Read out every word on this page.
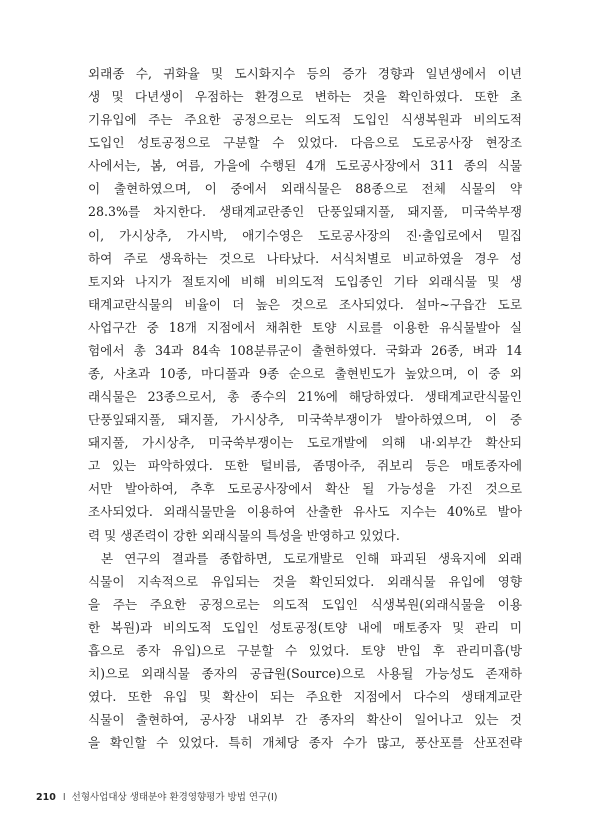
외래종 수, 귀화율 및 도시화지수 등의 증가 경향과 일년생에서 이년
생 및 다년생이 우점하는 환경으로 변하는 것을 확인하였다. 또한 초
기유입에 주는 주요한 공정으로는 의도적 도입인 식생복원과 비의도적
도입인 성토공정으로 구분할 수 있었다. 다음으로 도로공사장 현장조
사에서는, 봄, 여름, 가을에 수행된 4개 도로공사장에서 311 종의 식물
이 출현하였으며, 이 중에서 외래식물은 88종으로 전체 식물의 약
28.3%를 차지한다. 생태계교란종인 단풍잎돼지풀, 돼지풀, 미국쑥부쟁
이, 가시상추, 가시박, 애기수영은 도로공사장의 진·출입로에서 밀집
하여 주로 생육하는 것으로 나타났다. 서식처별로 비교하였을 경우 성
토지와 나지가 절토지에 비해 비의도적 도입종인 기타 외래식물 및 생
태계교란식물의 비율이 더 높은 것으로 조사되었다. 설마~구읍간 도로
사업구간 중 18개 지점에서 채취한 토양 시료를 이용한 유식물발아 실
험에서 총 34과 84속 108분류군이 출현하였다. 국화과 26종, 벼과 14
종, 사초과 10종, 마디풀과 9종 순으로 출현빈도가 높았으며, 이 중 외
래식물은 23종으로서, 총 종수의 21%에 해당하였다. 생태계교란식물인
단풍잎돼지풀, 돼지풀, 가시상추, 미국쑥부쟁이가 발아하였으며, 이 중
돼지풀, 가시상추, 미국쑥부쟁이는 도로개발에 의해 내·외부간 확산되
고 있는 파악하였다. 또한 털비름, 좀명아주, 쥐보리 등은 매토종자에
서만 발아하여, 추후 도로공사장에서 확산 될 가능성을 가진 것으로
조사되었다. 외래식물만을 이용하여 산출한 유사도 지수는 40%로 발아
력 및 생존력이 강한 외래식물의 특성을 반영하고 있었다.
본 연구의 결과를 종합하면, 도로개발로 인해 파괴된 생육지에 외래
식물이 지속적으로 유입되는 것을 확인되었다. 외래식물 유입에 영향
을 주는 주요한 공정으로는 의도적 도입인 식생복원(외래식물을 이용
한 복원)과 비의도적 도입인 성토공정(토양 내에 매토종자 및 관리 미
흡으로 종자 유입)으로 구분할 수 있었다. 토양 반입 후 관리미흡(방
치)으로 외래식물 종자의 공급원(Source)으로 사용될 가능성도 존재하
였다. 또한 유입 및 확산이 되는 주요한 지점에서 다수의 생태계교란
식물이 출현하여, 공사장 내외부 간 종자의 확산이 일어나고 있는 것
을 확인할 수 있었다. 특히 개체당 종자 수가 많고, 풍산포를 산포전략
210 I 선형사업대상 생태분야 환경영향평가 방법 연구(Ⅰ)
